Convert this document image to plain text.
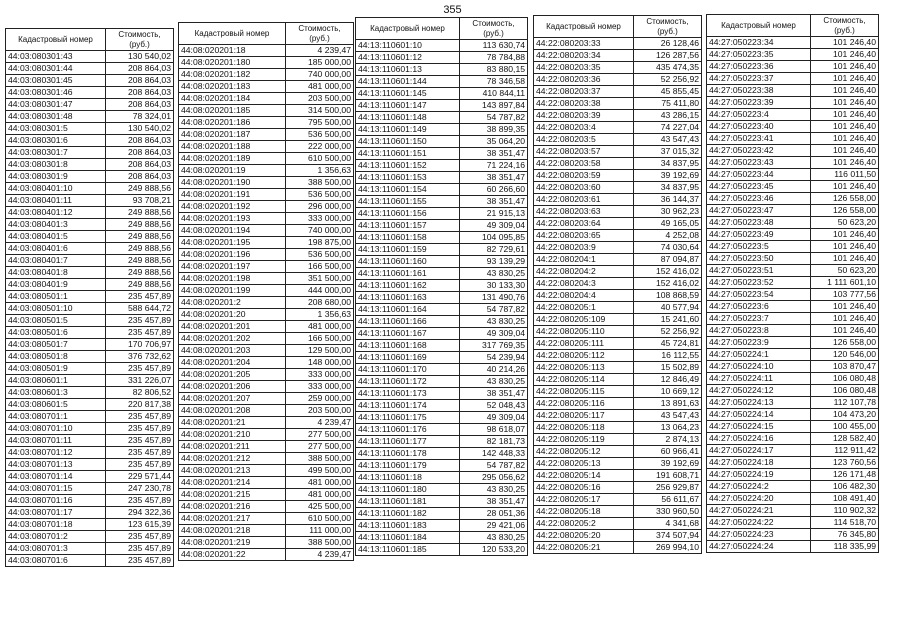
355
Кадастровый номер	Стоимость, (руб.)
44:03:080301:43	130 540,02
44:03:080301:44	208 864,03
44:03:080301:45	208 864,03
44:03:080301:46	208 864,03
44:03:080301:47	208 864,03
44:03:080301:48	78 324,01
44:03:080301:5	130 540,02
44:03:080301:6	208 864,03
44:03:080301:7	208 864,03
44:03:080301:8	208 864,03
44:03:080301:9	208 864,03
44:03:080401:10	249 888,56
44:03:080401:11	93 708,21
44:03:080401:12	249 888,56
44:03:080401:3	249 888,56
44:03:080401:5	249 888,56
44:03:080401:6	249 888,56
44:03:080401:7	249 888,56
44:03:080401:8	249 888,56
44:03:080401:9	249 888,56
44:03:080501:1	235 457,89
44:03:080501:10	588 644,72
44:03:080501:5	235 457,89
44:03:080501:6	235 457,89
44:03:080501:7	170 706,97
44:03:080501:8	376 732,62
44:03:080501:9	235 457,89
44:03:080601:1	331 226,07
44:03:080601:3	82 806,52
44:03:080601:5	220 817,38
44:03:080701:1	235 457,89
44:03:080701:10	235 457,89
44:03:080701:11	235 457,89
44:03:080701:12	235 457,89
44:03:080701:13	235 457,89
44:03:080701:14	229 571,44
44:03:080701:15	247 230,78
44:03:080701:16	235 457,89
44:03:080701:17	294 322,36
44:03:080701:18	123 615,39
44:03:080701:2	235 457,89
44:03:080701:3	235 457,89
44:03:080701:6	235 457,89
Кадастровый номер	Стоимость, (руб.)
44:08:020201:18	4 239,47
44:08:020201:180	185 000,00
44:08:020201:182	740 000,00
44:08:020201:183	481 000,00
44:08:020201:184	203 500,00
44:08:020201:185	314 500,00
44:08:020201:186	795 500,00
44:08:020201:187	536 500,00
44:08:020201:188	222 000,00
44:08:020201:189	610 500,00
44:08:020201:19	1 356,63
44:08:020201:190	388 500,00
44:08:020201:191	536 500,00
44:08:020201:192	296 000,00
44:08:020201:193	333 000,00
44:08:020201:194	740 000,00
44:08:020201:195	198 875,00
44:08:020201:196	536 500,00
44:08:020201:197	166 500,00
44:08:020201:198	351 500,00
44:08:020201:199	444 000,00
44:08:020201:2	208 680,00
44:08:020201:20	1 356,63
44:08:020201:201	481 000,00
44:08:020201:202	166 500,00
44:08:020201:203	129 500,00
44:08:020201:204	148 000,00
44:08:020201:205	333 000,00
44:08:020201:206	333 000,00
44:08:020201:207	259 000,00
44:08:020201:208	203 500,00
44:08:020201:21	4 239,47
44:08:020201:210	277 500,00
44:08:020201:211	277 500,00
44:08:020201:212	388 500,00
44:08:020201:213	499 500,00
44:08:020201:214	481 000,00
44:08:020201:215	481 000,00
44:08:020201:216	425 500,00
44:08:020201:217	610 500,00
44:08:020201:218	111 000,00
44:08:020201:219	388 500,00
44:08:020201:22	4 239,47
Кадастровый номер	Стоимость, (руб.)
44:13:110601:10	113 630,74
44:13:110601:12	78 784,88
44:13:110601:13	83 880,15
44:13:110601:144	78 346,58
44:13:110601:145	410 844,11
44:13:110601:147	143 897,84
44:13:110601:148	54 787,82
44:13:110601:149	38 899,35
44:13:110601:150	35 064,20
44:13:110601:151	38 351,47
44:13:110601:152	71 224,16
44:13:110601:153	38 351,47
44:13:110601:154	60 266,60
44:13:110601:155	38 351,47
44:13:110601:156	21 915,13
44:13:110601:157	49 309,04
44:13:110601:158	104 095,85
44:13:110601:159	82 729,61
44:13:110601:160	93 139,29
44:13:110601:161	43 830,25
44:13:110601:162	30 133,30
44:13:110601:163	131 490,76
44:13:110601:164	54 787,82
44:13:110601:166	43 830,25
44:13:110601:167	49 309,04
44:13:110601:168	317 769,35
44:13:110601:169	54 239,94
44:13:110601:170	40 214,26
44:13:110601:172	43 830,25
44:13:110601:173	38 351,47
44:13:110601:174	52 048,43
44:13:110601:175	49 309,04
44:13:110601:176	98 618,07
44:13:110601:177	82 181,73
44:13:110601:178	142 448,33
44:13:110601:179	54 787,82
44:13:110601:18	295 056,62
44:13:110601:180	43 830,25
44:13:110601:181	38 351,47
44:13:110601:182	28 051,36
44:13:110601:183	29 421,06
44:13:110601:184	43 830,25
44:13:110601:185	120 533,20
Кадастровый номер	Стоимость, (руб.)
44:22:080203:33	26 128,46
44:22:080203:34	126 287,56
44:22:080203:35	435 474,35
44:22:080203:36	52 256,92
44:22:080203:37	45 855,45
44:22:080203:38	75 411,80
44:22:080203:39	43 286,15
44:22:080203:4	74 227,04
44:22:080203:5	43 547,43
44:22:080203:57	37 015,32
44:22:080203:58	34 837,95
44:22:080203:59	39 192,69
44:22:080203:60	34 837,95
44:22:080203:61	36 144,37
44:22:080203:63	30 962,23
44:22:080203:64	49 165,05
44:22:080203:65	4 252,08
44:22:080203:9	74 030,64
44:22:080204:1	87 094,87
44:22:080204:2	152 416,02
44:22:080204:3	152 416,02
44:22:080204:4	108 868,59
44:22:080205:1	40 577,94
44:22:080205:109	15 241,60
44:22:080205:110	52 256,92
44:22:080205:111	45 724,81
44:22:080205:112	16 112,55
44:22:080205:113	15 502,89
44:22:080205:114	12 846,49
44:22:080205:115	10 669,12
44:22:080205:116	13 891,63
44:22:080205:117	43 547,43
44:22:080205:118	13 064,23
44:22:080205:119	2 874,13
44:22:080205:12	60 966,41
44:22:080205:13	39 192,69
44:22:080205:14	191 608,71
44:22:080205:16	256 929,87
44:22:080205:17	56 611,67
44:22:080205:18	330 960,50
44:22:080205:2	4 341,68
44:22:080205:20	374 507,94
44:22:080205:21	269 994,10
Кадастровый номер	Стоимость, (руб.)
44:27:050223:34	101 246,40
44:27:050223:35	101 246,40
44:27:050223:36	101 246,40
44:27:050223:37	101 246,40
44:27:050223:38	101 246,40
44:27:050223:39	101 246,40
44:27:050223:4	101 246,40
44:27:050223:40	101 246,40
44:27:050223:41	101 246,40
44:27:050223:42	101 246,40
44:27:050223:43	101 246,40
44:27:050223:44	116 011,50
44:27:050223:45	101 246,40
44:27:050223:46	126 558,00
44:27:050223:47	126 558,00
44:27:050223:48	50 623,20
44:27:050223:49	101 246,40
44:27:050223:5	101 246,40
44:27:050223:50	101 246,40
44:27:050223:51	50 623,20
44:27:050223:52	1 111 601,10
44:27:050223:54	103 777,56
44:27:050223:6	101 246,40
44:27:050223:7	101 246,40
44:27:050223:8	101 246,40
44:27:050223:9	126 558,00
44:27:050224:1	120 546,00
44:27:050224:10	103 870,47
44:27:050224:11	106 080,48
44:27:050224:12	106 080,48
44:27:050224:13	112 107,78
44:27:050224:14	104 473,20
44:27:050224:15	100 455,00
44:27:050224:16	128 582,40
44:27:050224:17	112 911,42
44:27:050224:18	123 760,56
44:27:050224:19	126 171,48
44:27:050224:2	106 482,30
44:27:050224:20	108 491,40
44:27:050224:21	110 902,32
44:27:050224:22	114 518,70
44:27:050224:23	76 345,80
44:27:050224:24	118 335,99
